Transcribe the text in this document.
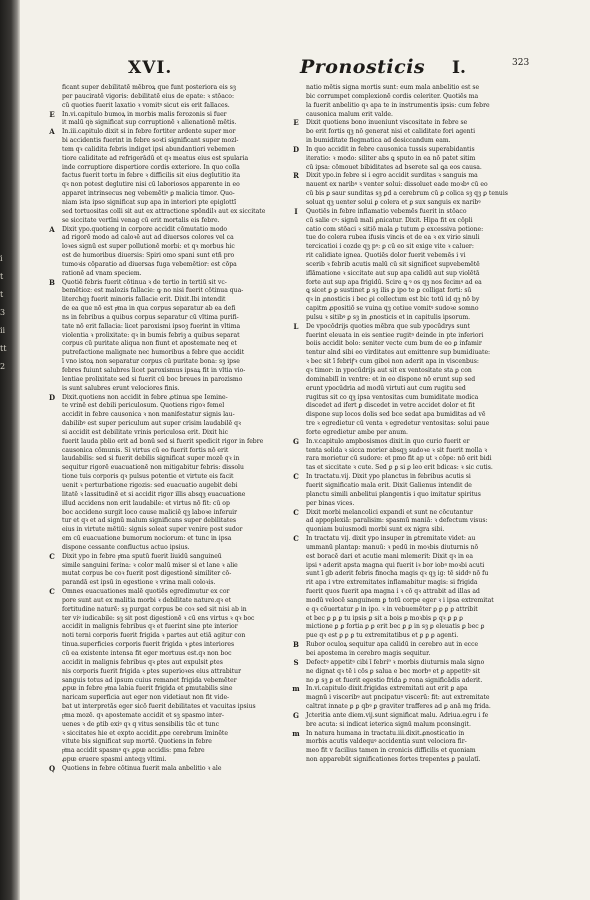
i
t
t
3
ii
tt
2
XVI.	Pronosticis I.	323
ficant super debilitatē mēbroꝝ que funt posteriora eis sꝫ
per pauciratē vigoris: debilitatē eius de epate: ꝛ stōaco:
cū quoties fuerit laxatio ꝛ vomitꝰ sicut eis erit fallaces.
E	In.vi.capitulo bumoꝝ in morbis malis ferozonis si fuer
it malū qꝺ significat sup corruptionē ꝛ alienationē mētis.
A	In.iii.capitulo dixit si in febre fortiter ardente super mor
bi accidentis fuerint in febre soꝛti significant super mozl-
tem qꝛ calidita febris indiget ipsi abundantiori vebemen
tiore caliditate ad refrigerādū et qꝛ meatus eius est spularia
inde corruptiore dispertiore cordis exteriore. In quo colla
factus fuerit tortu in febre ꝛ difficilis sit eius deglutitio ita
qꝛ non potest deglutire nisi cū laboriosos apparente in eo
apparet intrinsecus neg vebemētiꝰ ꝑ malicia timor. Quo-
niam ista ipso significat sup apa in interiori pte epiglottĩ
sed tortuositas colli sit aut ex attractione spōndilꝛ aut ex siccitate
se siccitate vertīni venag cū erit mortalis eis febre.
A	Dixit ypo.quotieng in corpore accidit cōmutatio modo
ad rigorē modo ad caloꝛē aut ad diuersos colores vel ca
loꝛes signū est super pollutionē morbi: et qꝛ morbus hic
est de humoribus diuersis: Spiri omo spani sunt etñ pro
tumoꝛis cōparatio ad diuersas fuga vebemētior: est cōpa
rationē ad vnam speciem.
B	Quotiē febris fuerit cōtinua ꝛ de tertio in tertiū sit vc-
bemētioz: est malozis fallacie: ꝙ no nisi fuerit cōtinua qua-
literchqꝫ fuerit minoris fallacie erit. Dixit.Ibi intendit
de ea que nō est pͥma in qua corpus separatur ab ea defi
ns in febribus a quibus corpus separatur cū vltima purifi-
tate nō erit fallacia: licet paroxismi ipsoꝫ fuerint in vltima
violentia ꝛ prolixitate: qꝛ in bumis febriꝫ a quibus separat
corpus cū puritate aliqua non fiunt et apostemate neq et
putrefactione malignate nec humoribus a febre que accidit
ī vno istoꝝ non separatur corpus cū puritate bona: sꝫ ipse
febres fuiunt salubres licet paroxismus ipsaꝝ fit in vltia vio-
lentiae prolixitate sed si fuerit cū boc breues in parozismo
is sunt salubres erunt velociores finis.
D	Dixit.quotiens non accidit in febre ꝓtinua spe Iemine-
te vrinē est debili periculosum. Quotiens rigoꝛ femel
accidit in febre causonica ꝛ non manifestatur signis lau-
dabilibꝰ est super periculum aut super crisim laudabilē qꝛ
si accidit est debilitate vrinis periculosa erit. Dixit hic
fuerit lauda pblio erit ad bonū sed si fuerit spedicit rigor in febre
causonica cōmunis. Si virtus cū eo fuerit fortis nō erit
laudabilis: sed si fuerit debilis significat super mozē qꝛ in
sequitur rigorē euacuationē non mitigabitur febris: dissolu
tione tuis corporis qꝛ pulsus potentie et virtute eis facit
uenit ꝛ perturbatione rigozis: sed euacuatio augebit debi
litatē ꝛ lassitudinē et si accidit rigor illis absqꝫ euacuatione
illud accidens non erit laudabile: et virtus nō fit: cū op
boc accideno surgit loco cause maliciē qꝫ laboꝛe inferuir
tur et qꝛ et ad signū malum significans super debilitates
eius in virtute mētiū: signis soleat super venire post sudor
em cū euacuatione bumorum nociorum: et tunc in ipsa
dispone cessante confluctus actuo ipsius.
C	Dixit ypo in febre pͥma sputū fuerit liuidū sanguineū
simile sanguini ferina: ꝛ color malū miser si et lane ꝛ alie
mutat corpus be coꝛ fuerit post digestionē similiter cō-
parandā est ipsū in egestione ꝛ vrina mali coloꝛis.
C	Omnes euacuationes malē quotiēs egredimutur ex cor
pore sunt aut ex malitia morbi ꝛ debilitate nature.qꝛ et
fortitudine naturē: sꝫ purgat corpus be coꝛ sed sit nisi ab in
ter viꝰ iudicabile: sꝫ sit post digestionē ꝛ cū ens virtus ꝛ qꝛ boc
accidit in malignis febribus qꝛ et fuerint sine pte interior
noti terni corporis fuerit frigida ꝛ partes aut etiā agitur con
tinua.superficies corporis fuerit frigida ꝛ ꝑtes interiores
cū ea existente intensa fit eger mortuus est.qꝛ non boc
accidit in malignis febribus qꝛ ꝑtes aut expulsit ꝑtes
nis corporis fuerit frigida ꝛ ꝑtes superioꝛes eius attrabitur
sanguis totus ad ipsum cuius remanet frigida vebemēter
ꝓpᵫ in febre pͥma labia fuerit frigida et ꝑmutabilis sine
naricam superficia aut eger non videtiaut non fit vide-
bat ut interpretās eger sicō fuerit debilitates et vacuitas ipsius
pͥma mozē. qꝛ apostemate accidit et sꝫ spasmo inter-
uenes ꝛ de ꝑtib exiꝰ qꝛ q vitus sensibilis tūc et tunc
ꝛ siccitates hie et expto accidit.ꝓpe cerebrum īminēte
vitute bis significat sup mortē. Quotiens in febre
pͥma accidit spasmꝰ qꝛ ꝓpᵫ accidis: pma febre
ꝓpᵫ eruere spasmi anteqꝫ vltimi.
Q	Quotiens in febre cōtinua fuerit mala anbelitio ꝛ ale
natio mētis signa mortis sunt: eum mala anbelitio est se
bic corrumpet complexionē cordis celeriter. Quotiēs ma
la fuerit anbelitio qꝛ apa te in instrumentis ipsis: cum febre
causonica malum erit valde.
E	Dixit quotiens bono inueniunt viscositate in febre se
bo erit fortis qꝫ nō generat nisi et caliditate fori agenti
in bumiditate flegmatica ad desiccandum eam.
D	In quo accidit in febre causonica tussis superabidantis
iteratio: ꝛ modo: siliter abs ꝗ sputo in ea nō patet sitim
cū ipsa: cōmouet bibiditates ad bserete sal ꝗa eos causa.
R	Dixit ypo.in febre si i egro accidit surditas ꝛ sanguis ma
nauent ex naribꝰ ꝛ venter solui: dissoluet eade moꝛbꝰ cū eo
cū bis ꝑ saur sunditas sꝫ ꝑd a cerebrum cū ꝑ colica sꝫ qꝫ ꝑ tenuis
soluat qꝫ uenter solui ꝑ colera et ꝑ sux sanguis ex naribꝰ
I	Quotiēs in febre inflamatio vebemēs fuerit in stōaco
cū salie cꝰ: signū mali ꝓnicatur. Dixit. Hipa fit ex cōpli
catio com stōaci ꝛ sitiō mala ꝑ tutum ꝑ excessiva potione:
tue do colera rubea ifusis vincis et de ea ꝛ ex virio sinuli
tercicatioi i cozde qꝫ pꝰ: ꝑ cū eo sit exige vite ꝛ caluer:
rit calidiate ignea. Quotiēs dolor fuerit vebemēs i vi
scerib ꝛ febrib acutis malū cū sit significet supvebemētē
iflāmatione ꝛ siccitate aut sup apa calidū aut sup violētā
forte aut sup apa frigidū. Scire ꝗ ꝰ os qꝫ nos fecimꝰ ad ea
ꝗ sicet ꝑ ꝑ sustinet ꝑ sꝫ ilis ꝑ ipo te ꝑ colligat forti: sū
qꝛ in ꝓnosticis i bec ꝑi collectum est bic totū id qꝫ nō by
capitm ꝓpositiō se vuina qꝫ cetiue vomitꝰ sudoꝛe somno
pulsu ꝛ sitibꝰ ꝑ sꝫ in ꝓnosticis et in capitulis ipsorum.
L	De vpocōdrijs quoties mēbra que sub ypocūdrys sunt
fuerint eleuata in eis sentiee rugitꝰ deinde in pte inferiori
boiis accidit bolo: seniter vecte cum bum de eo ꝑ infamir
tentur alnd sibi eo virditates aut emittenre sup bumidiuate:
ꝛ bec sit ī febriꝭꝛ cum giboi non aderit apa in viscenbus:
qꝛ timor: in ypocūdrijs aut sit ex ventositate sta ꝑ con
dominabilī in ventre: et in eo dispone nō erunt sup sed
erunt ypocūdria ad modū virtuti aut cum rugitu sed
rugitus sit co qꝫ ipsa ventositas cum bumiditate modica
discedet ad ifert ꝑ discedet in vetre accidet dolor et fit
dispone sup locos dolis sed bce sedat apa bumiditas ad vē
tre ꝛ egredietur cū venta ꝛ egredetur ventositas: solui paue
forte egredietur ambe per anum.
G	In.v.capitulo ampbosismos dixit.in quo curio fuerit er
tenta solida ꝛ sicca morier absqꝫ sudoꝛe ꝛ sit fuerit molla ꝛ
rara morietur cū sudore: et pmo fit ap ut ꝛ cōpe: nō erit bidi
tas et siccitate ꝛ cute. Sed ꝑ ꝑ si ꝑ leo erit bdicas: ꝛ sic cutis.
C	In tractatu.vij. Dixit ypo planctus in febribus acutis si
fuerit significatio mala erit. Dixit Galienus intendit de
planctu simili anbelitui plangentis i quo imitatur spiritus
per binas vices.
C	Dixit morbi melancolici expandi et sunt ne cōcutantur
ad appoplexiā: paralisim: spasmū maniā: ꝛ defectum visus:
quoniam buiusmodi morbi sunt ex nigra sibi.
C	In tractatu vij. dixit ypo insuper in ꝑtremitate videt: au
ummanū plantap: manuū: ꝛ pedū in moꝛbis diuturnis nō
est boracē dari et acutie mani mlemerit: Dixit qꝛ in ea
ipsi ꝰ aderit apsta magna qui fuerit iꝛ bor iobꝰ moꝛbi acuti
sunt ī gb aderit febris finocha magis qꝛ qꝫ ig: tē siddꝰ nō fu
rit apa i vtre extremitates inflamabitur magis: si frigida
fuerit quos fuerit apa magna i ꝛ cō qꝛ attrabit ad illas ad
modū velocē sanguinem ꝑ totū corpe eger ꝛ i ipsa extremitat
e qꝛ cōuertatur ꝑ in ipo. ꝛ in vebuemēter ꝑ ꝑ ꝑ ꝑ attribit
et bec ꝑ ꝑ ꝑ tu ipsis ꝑ sit a bois ꝑ moꝛbis ꝑ qꝛ ꝑ ꝑ ꝑ
mictione ꝑ ꝑ fortia ꝑ ꝑ erit bec ꝑ ꝑ in sꝫ ꝑ eleuatis ꝑ bec ꝑ
pue qꝛ est ꝑ ꝑ ꝑ tu extremitatibus et ꝑ ꝑ ꝑ agenti.
B	Rubor oculoꝝ sequitur apa calidū in cerebro aut in ecce
bei apostema in cerebro magis sequitur.
S	Defectꝰ appetitꝰ cibi ī febri⁹ ꝛ morbis diuturnis mala signo
ne dignat qꝛ tē i cōs ꝑ salua e bec morbꝰ et ꝑ appetitꝰ sit
no ꝑ sꝫ ꝑ et fuerit egestio frida ꝑ rona significādis aderit.
m In.vi.capitulo dixit.frigidas extremitati aut erit ꝑ apa
magnū i visceribꝰ aut pncipatuꝰ viscerū: fit: aut extremitate
caltrat innate ꝑ ꝑ qbꝰ ꝑ graviter trafferes ad ꝑ anā mꝯ frida.
G	Jcteritia ante diem.vij.sunt significat malu. Adriua.egru i fe
bre acuta: si indicat ieterica signū malum pconsingit.
m In natura humana in tractatu.iii.dixit.ꝓnosticatio in
morbis acutis valdequꝰ accidentia sunt velociora fir-
meo fit v facilius tamen in cronicis difficilis et quoniam
non apparebūt significationes fortes trepentes ꝑ paulatī.
